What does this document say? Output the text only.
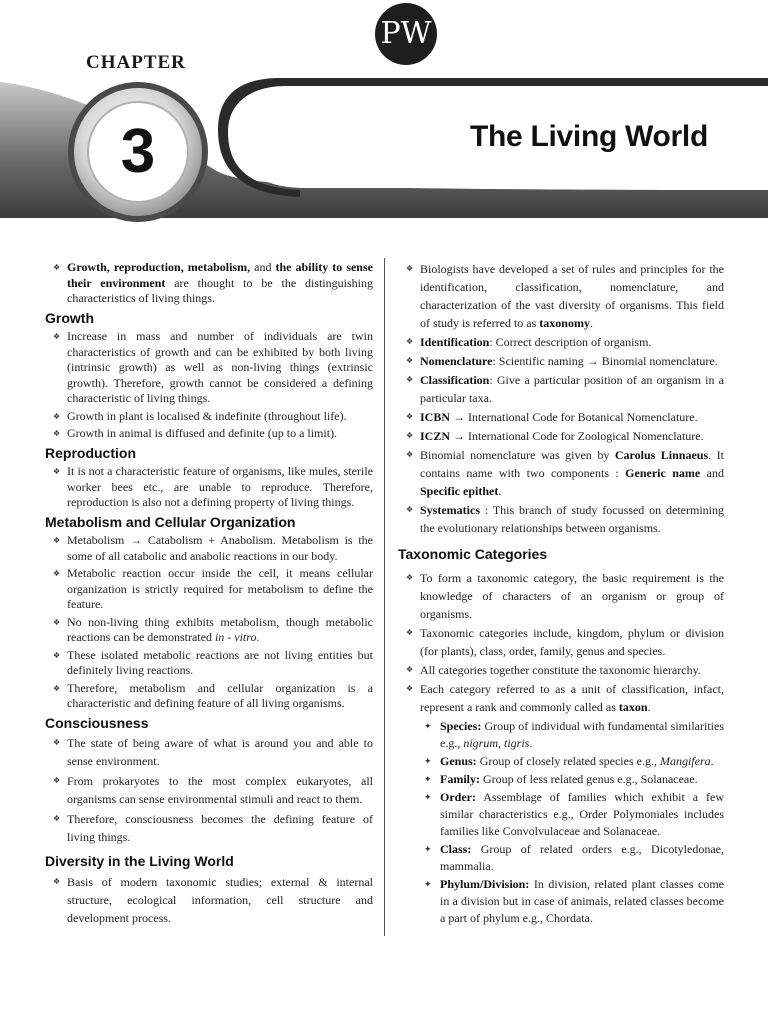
PW
CHAPTER
3	The Living World
❖ Growth, reproduction, metabolism, and the ability to sense their environment are thought to be the distinguishing characteristics of living things.
Growth
❖ Increase in mass and number of individuals are twin characteristics of growth and can be exhibited by both living (intrinsic growth) as well as non-living things (extrinsic growth). Therefore, growth cannot be considered a defining characteristic of living things.
❖ Growth in plant is localised & indefinite (throughout life).
❖ Growth in animal is diffused and definite (up to a limit).
Reproduction
❖ It is not a characteristic feature of organisms, like mules, sterile worker bees etc., are unable to reproduce. Therefore, reproduction is also not a defining property of living things.
Metabolism and Cellular Organization
❖ Metabolism → Catabolism + Anabolism. Metabolism is the some of all catabolic and anabolic reactions in our body.
❖ Metabolic reaction occur inside the cell, it means cellular organization is strictly required for metabolism to define the feature.
❖ No non-living thing exhibits metabolism, though metabolic reactions can be demonstrated in - vitro.
❖ These isolated metabolic reactions are not living entities but definitely living reactions.
❖ Therefore, metabolism and cellular organization is a characteristic and defining feature of all living organisms.
Consciousness
❖ The state of being aware of what is around you and able to sense environment.
❖ From prokaryotes to the most complex eukaryotes, all organisms can sense environmental stimuli and react to them.
❖ Therefore, consciousness becomes the defining feature of living things.
Diversity in the Living World
❖ Basis of modern taxonomic studies; external & internal structure, ecological information, cell structure and development process.
❖ Biologists have developed a set of rules and principles for the identification, classification, nomenclature, and characterization of the vast diversity of organisms. This field of study is referred to as taxonomy.
❖ Identification: Correct description of organism.
❖ Nomenclature: Scientific naming → Binomial nomenclature.
❖ Classification: Give a particular position of an organism in a particular taxa.
❖ ICBN → International Code for Botanical Nomenclature.
❖ ICZN → International Code for Zoological Nomenclature.
❖ Binomial nomenclature was given by Carolus Linnaeus. It contains name with two components : Generic name and Specific epithet.
❖ Systematics : This branch of study focussed on determining the evolutionary relationships between organisms.
Taxonomic Categories
❖ To form a taxonomic category, the basic requirement is the knowledge of characters of an organism or group of organisms.
❖ Taxonomic categories include, kingdom, phylum or division (for plants), class, order, family, genus and species.
❖ All categories together constitute the taxonomic hierarchy.
❖ Each category referred to as a unit of classification, infact, represent a rank and commonly called as taxon.
✦ Species: Group of individual with fundamental similarities e.g., nigrum, tigris.
✦ Genus: Group of closely related species e.g., Mangifera.
✦ Family: Group of less related genus e.g., Solanaceae.
✦ Order: Assemblage of families which exhibit a few similar characteristics e.g., Order Polymoniales includes families like Convolvulaceae and Solanaceae.
✦ Class: Group of related orders e.g., Dicotyledonae, mammalia.
✦ Phylum/Division: In division, related plant classes come in a division but in case of animals, related classes become a part of phylum e.g., Chordata.
